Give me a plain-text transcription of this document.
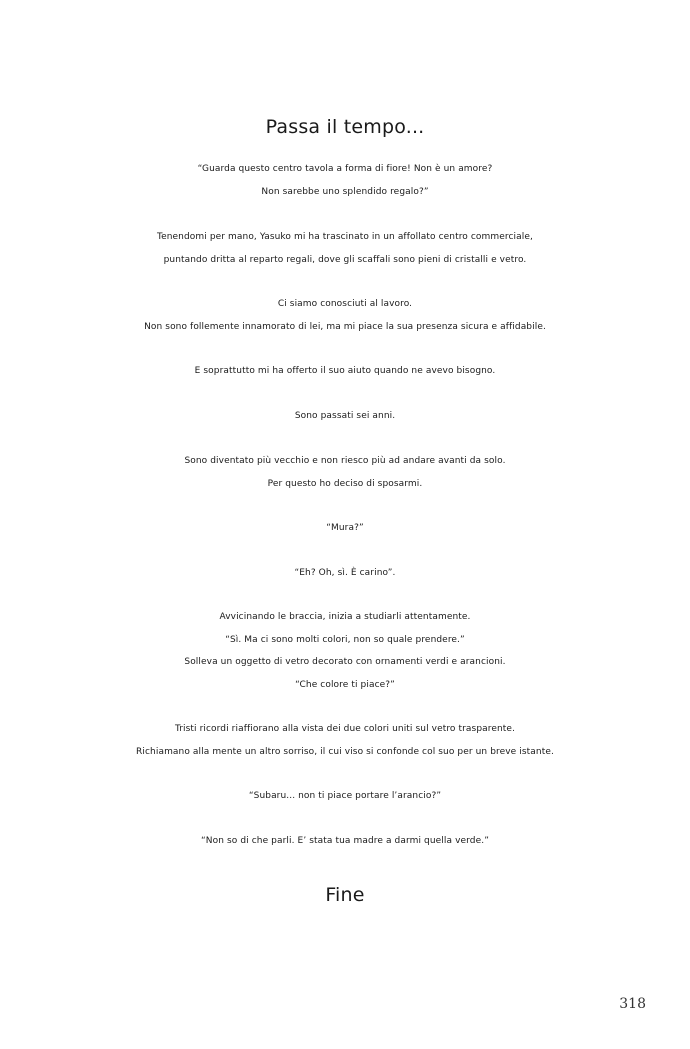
Passa il tempo...
“Guarda questo centro tavola a forma di fiore! Non è un amore?
Non sarebbe uno splendido regalo?”
Tenendomi per mano, Yasuko mi ha trascinato in un affollato centro commerciale,
puntando dritta al reparto regali, dove gli scaffali sono pieni di cristalli e vetro.
Ci siamo conosciuti al lavoro.
Non sono follemente innamorato di lei, ma mi piace la sua presenza sicura e affidabile.
E soprattutto mi ha offerto il suo aiuto quando ne avevo bisogno.
Sono passati sei anni.
Sono diventato più vecchio e non riesco più ad andare avanti da solo.
Per questo ho deciso di sposarmi.
“Mura?”
“Eh? Oh, sì. È carino”.
Avvicinando le braccia, inizia a studiarli attentamente.
“Sì. Ma ci sono molti colori, non so quale prendere.”
Solleva un oggetto di vetro decorato con ornamenti verdi e arancioni.
“Che colore ti piace?”
Tristi ricordi riaffiorano alla vista dei due colori uniti sul vetro trasparente.
Richiamano alla mente un altro sorriso, il cui viso si confonde col suo per un breve istante.
“Subaru... non ti piace portare l’arancio?”
“Non so di che parli. E’ stata tua madre a darmi quella verde.”
Fine
318
